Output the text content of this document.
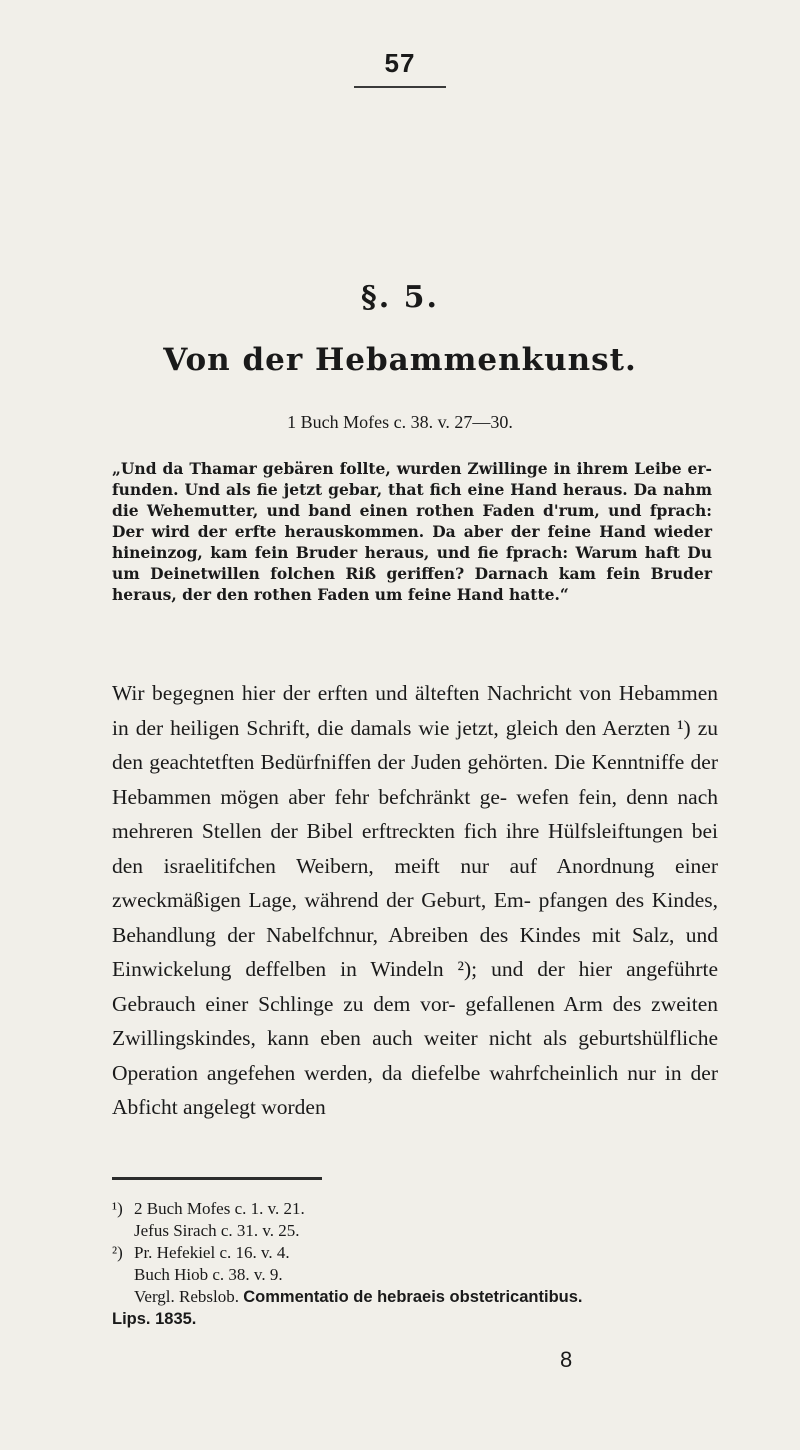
57
§. 5.
Von der Hebammenkunst.
1 Buch Mofes c. 38. v. 27—30.
„Und da Thamar gebären follte, wurden Zwillinge in ihrem Leibe er- funden. Und als fie jetzt gebar, that fich eine Hand heraus. Da nahm die Wehemutter, und band einen rothen Faden d'rum, und fprach: Der wird der erfte herauskommen. Da aber der feine Hand wieder hineinzog, kam fein Bruder heraus, und fie fprach: Warum haft Du um Deinetwillen folchen Riß geriffen? Darnach kam fein Bruder heraus, der den rothen Faden um feine Hand hatte.“
Wir begegnen hier der erften und älteften Nachricht von Hebammen in der heiligen Schrift, die damals wie jetzt, gleich den Aerzten ¹) zu den geachtetften Bedürfniffen der Juden gehörten. Die Kenntniffe der Hebammen mögen aber fehr befchränkt ge- wefen fein, denn nach mehreren Stellen der Bibel erftreckten fich ihre Hülfsleiftungen bei den israelitifchen Weibern, meift nur auf Anordnung einer zweckmäßigen Lage, während der Geburt, Em- pfangen des Kindes, Behandlung der Nabelfchnur, Abreiben des Kindes mit Salz, und Einwickelung deffelben in Windeln ²); und der hier angeführte Gebrauch einer Schlinge zu dem vor- gefallenen Arm des zweiten Zwillingskindes, kann eben auch weiter nicht als geburtshülfliche Operation angefehen werden, da diefelbe wahrfcheinlich nur in der Abficht angelegt worden
¹) 2 Buch Mofes c. 1. v. 21.
Jefus Sirach c. 31. v. 25.
²) Pr. Hefekiel c. 16. v. 4.
Buch Hiob c. 38. v. 9.
Vergl. Rebslob. Commentatio de hebraeis obstetricantibus.
Lips. 1835.
8
